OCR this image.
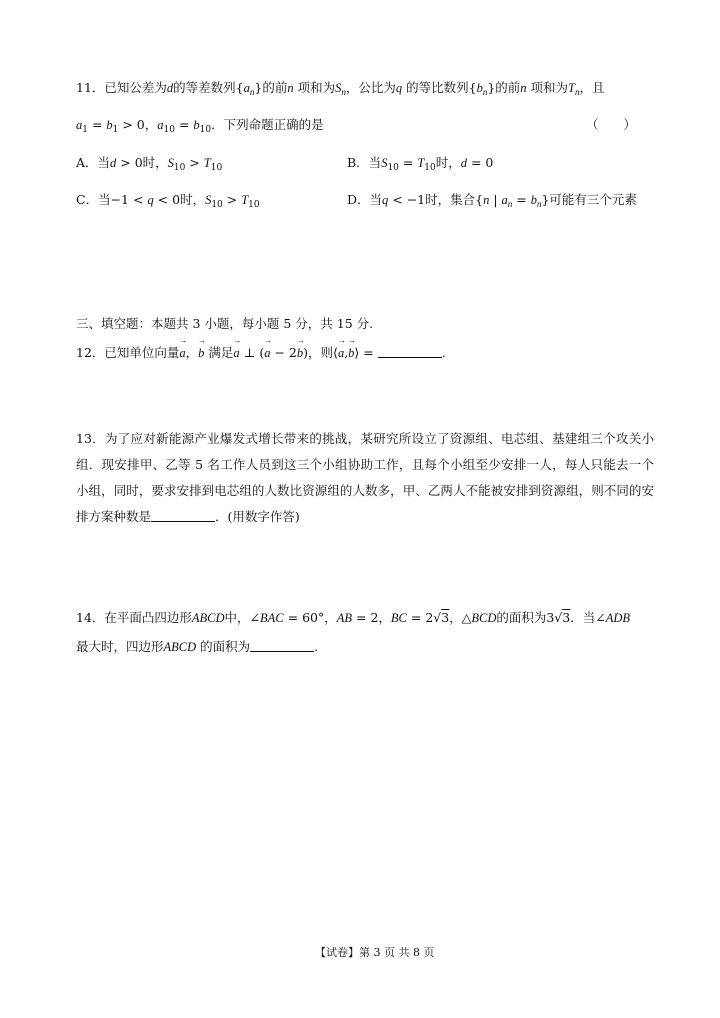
11．已知公差为d的等差数列$\{a_n\}$的前n 项和为$S_n$，公比为q 的等比数列$\{b_n\}$的前n 项和为$T_n$，且
$a_1 = b_1 > 0$，$a_{10} = b_{10}$．下列命题正确的是	（　　）
A．当d > 0时，$S_{10} > T_{10}$	B．当$S_{10} = T_{10}$时，d = 0
C．当−1 < q < 0时，$S_{10} > T_{10}$	D．当q < −1时，集合{n | $a_n = b_n$}可能有三个元素
三、填空题：本题共 3 小题，每小题 5 分，共 15 分.
12．已知单位向量→ a，→ b 满足→ a ⊥ (→ a − 2→ b)，则⟨→ a,→ b⟩ =	.
13．为了应对新能源产业爆发式增长带来的挑战，某研究所设立了资源组、电芯组、基建组三个攻关小组．现安排甲、乙等 5 名工作人员到这三个小组协助工作，且每个小组至少安排一人，每人只能去一个小组，同时，要求安排到电芯组的人数比资源组的人数多，甲、乙两人不能被安排到资源组，则不同的安排方案种数是	．(用数字作答)
14．在平面凸四边形ABCD中，∠BAC = 60°，AB = 2，BC = 2√3，△BCD的面积为3√3．当∠ADB
最大时，四边形ABCD 的面积为	.
【试卷】第 3 页 共 8 页
